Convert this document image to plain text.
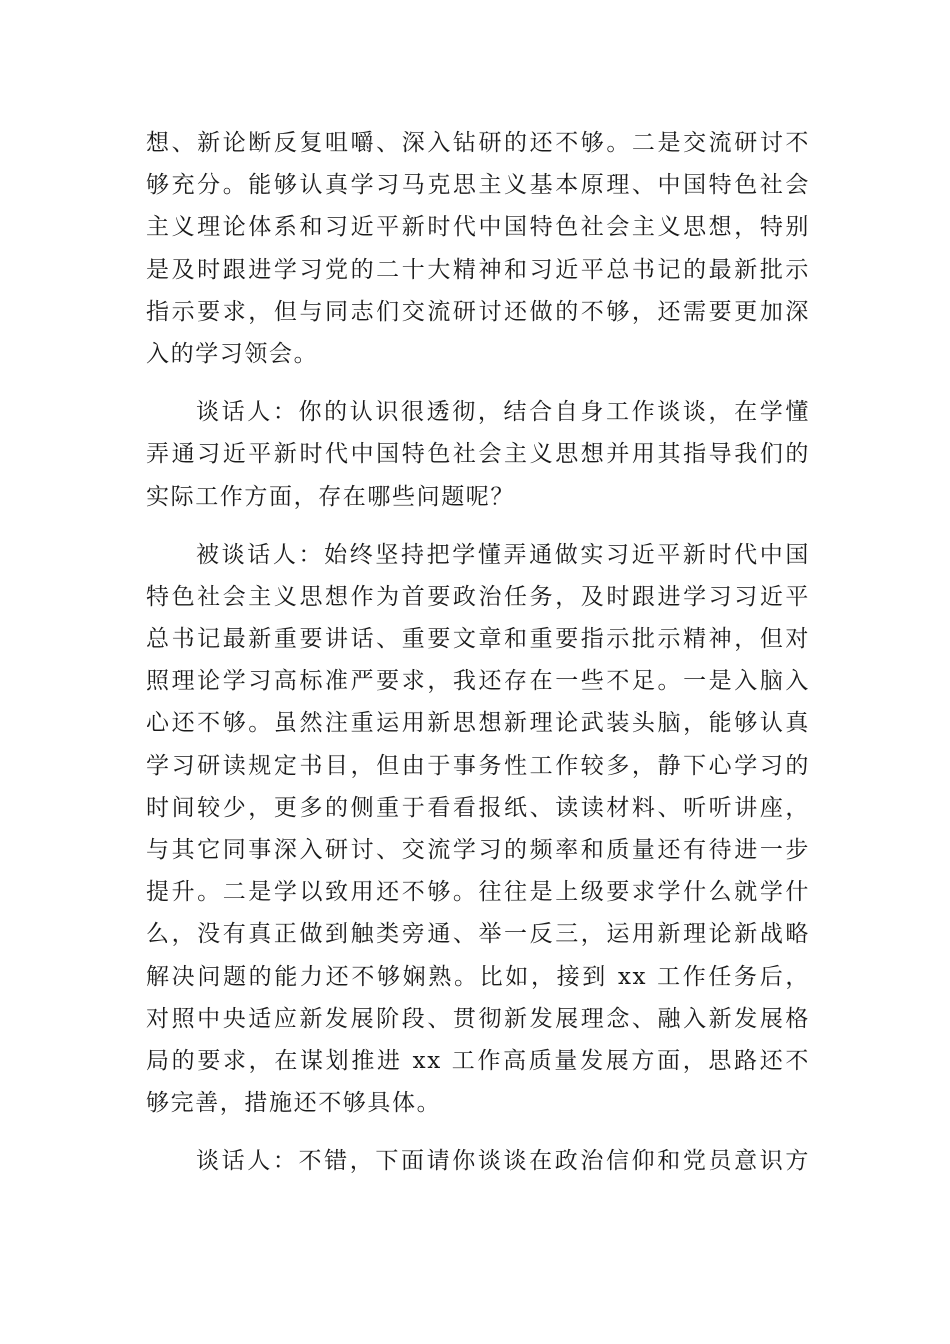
想、新论断反复咀嚼、深入钻研的还不够。二是交流研讨不
够充分。能够认真学习马克思主义基本原理、中国特色社会
主义理论体系和习近平新时代中国特色社会主义思想，特别
是及时跟进学习党的二十大精神和习近平总书记的最新批示
指示要求，但与同志们交流研讨还做的不够，还需要更加深
入的学习领会。
谈话人：你的认识很透彻，结合自身工作谈谈，在学懂
弄通习近平新时代中国特色社会主义思想并用其指导我们的
实际工作方面，存在哪些问题呢？
被谈话人：始终坚持把学懂弄通做实习近平新时代中国
特色社会主义思想作为首要政治任务，及时跟进学习习近平
总书记最新重要讲话、重要文章和重要指示批示精神，但对
照理论学习高标准严要求，我还存在一些不足。一是入脑入
心还不够。虽然注重运用新思想新理论武装头脑，能够认真
学习研读规定书目，但由于事务性工作较多，静下心学习的
时间较少，更多的侧重于看看报纸、读读材料、听听讲座，
与其它同事深入研讨、交流学习的频率和质量还有待进一步
提升。二是学以致用还不够。往往是上级要求学什么就学什
么，没有真正做到触类旁通、举一反三，运用新理论新战略
解决问题的能力还不够娴熟。比如，接到 xx 工作任务后，
对照中央适应新发展阶段、贯彻新发展理念、融入新发展格
局的要求，在谋划推进 xx 工作高质量发展方面，思路还不
够完善，措施还不够具体。
谈话人：不错，下面请你谈谈在政治信仰和党员意识方
